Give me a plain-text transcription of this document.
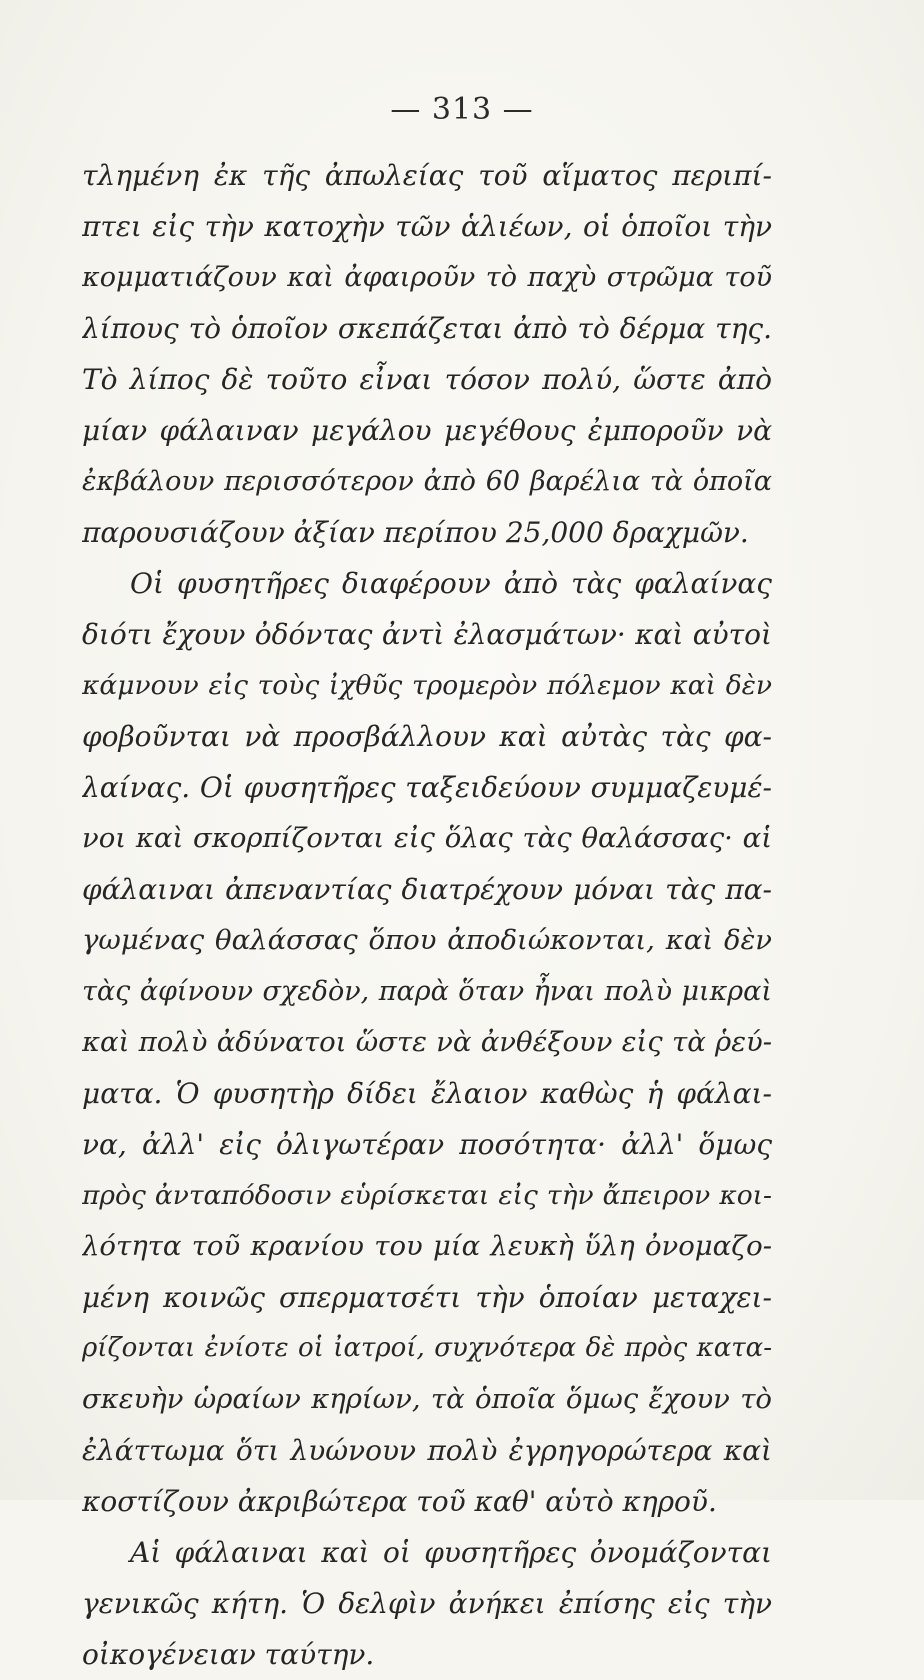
— 313 —
τλημένη ἐκ τῆς ἀπωλείας τοῦ αἵματος περιπί-
πτει εἰς τὴν κατοχὴν τῶν ἁλιέων, οἱ ὁποῖοι τὴν
κομματιάζουν καὶ ἀφαιροῦν τὸ παχὺ στρῶμα τοῦ
λίπους τὸ ὁποῖον σκεπάζεται ἀπὸ τὸ δέρμα της.
Τὸ λίπος δὲ τοῦτο εἶναι τόσον πολύ, ὥστε ἀπὸ
μίαν φάλαιναν μεγάλου μεγέθους ἐμποροῦν νὰ
ἐκβάλουν περισσότερον ἀπὸ 60 βαρέλια τὰ ὁποῖα
παρουσιάζουν ἀξίαν περίπου 25,000 δραχμῶν.
Οἱ φυσητῆρες διαφέρουν ἀπὸ τὰς φαλαίνας
διότι ἔχουν ὀδόντας ἀντὶ ἐλασμάτων· καὶ αὐτοὶ
κάμνουν εἰς τοὺς ἰχθῦς τρομερὸν πόλεμον καὶ δὲν
φοβοῦνται νὰ προσβάλλουν καὶ αὐτὰς τὰς φα-
λαίνας. Οἱ φυσητῆρες ταξειδεύουν συμμαζευμέ-
νοι καὶ σκορπίζονται εἰς ὅλας τὰς θαλάσσας· αἱ
φάλαιναι ἀπεναντίας διατρέχουν μόναι τὰς πα-
γωμένας θαλάσσας ὅπου ἀποδιώκονται, καὶ δὲν
τὰς ἀφίνουν σχεδὸν, παρὰ ὅταν ἦναι πολὺ μικραὶ
καὶ πολὺ ἀδύνατοι ὥστε νὰ ἀνθέξουν εἰς τὰ ῥεύ-
ματα. Ὁ φυσητὴρ δίδει ἔλαιον καθὼς ἡ φάλαι-
να, ἀλλ' εἰς ὀλιγωτέραν ποσότητα· ἀλλ' ὅμως
πρὸς ἀνταπόδοσιν εὑρίσκεται εἰς τὴν ἄπειρον κοι-
λότητα τοῦ κρανίου του μία λευκὴ ὕλη ὀνομαζο-
μένη κοινῶς σπερματσέτι τὴν ὁποίαν μεταχει-
ρίζονται ἐνίοτε οἱ ἰατροί, συχνότερα δὲ πρὸς κατα-
σκευὴν ὡραίων κηρίων, τὰ ὁποῖα ὅμως ἔχουν τὸ
ἐλάττωμα ὅτι λυώνουν πολὺ ἐγρηγορώτερα καὶ
κοστίζουν ἀκριβώτερα τοῦ καθ' αὑτὸ κηροῦ.
Αἱ φάλαιναι καὶ οἱ φυσητῆρες ὀνομάζονται
γενικῶς κήτη. Ὁ δελφὶν ἀνήκει ἐπίσης εἰς τὴν
οἰκογένειαν ταύτην.
